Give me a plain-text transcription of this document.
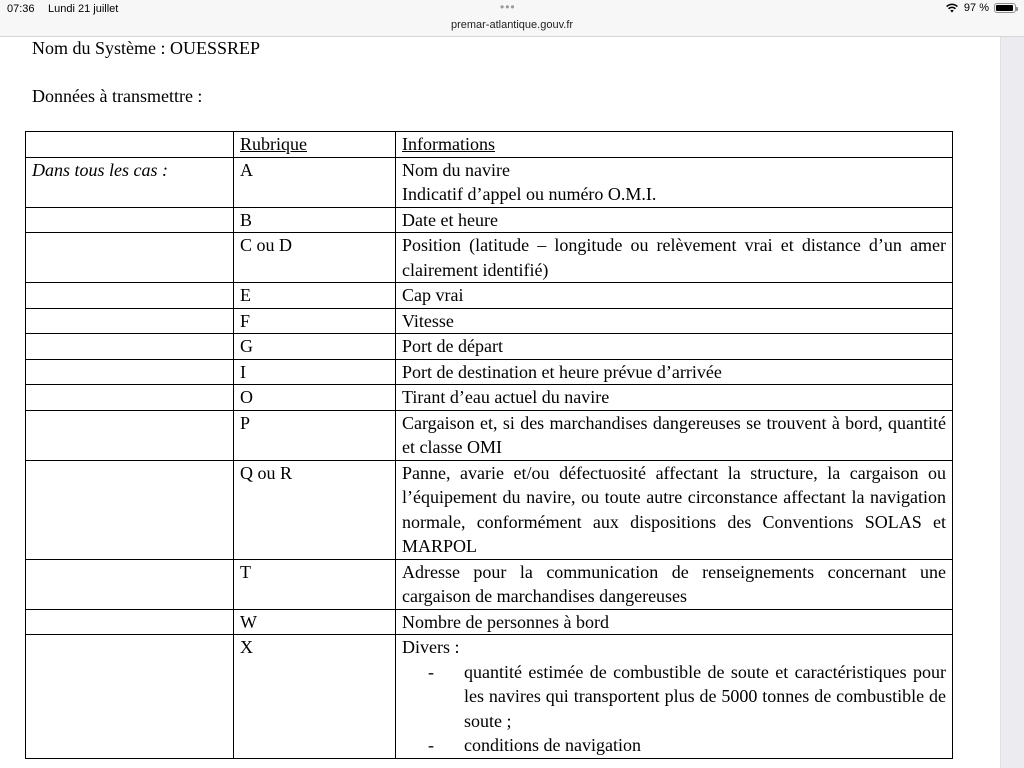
07:36 Lundi 21 juillet	•••	97 %
premar-atlantique.gouv.fr
Nom du Système : OUESSREP
Données à transmettre :
	Rubrique	Informations
Dans tous les cas :	A	Nom du navire
Indicatif d’appel ou numéro O.M.I.

	B	Date et heure

	C ou D	Position (latitude – longitude ou relèvement vrai et distance d’un amer clairement identifié)

	E	Cap vrai

	F	Vitesse

	G	Port de départ

	I	Port de destination et heure prévue d’arrivée

	O	Tirant d’eau actuel du navire

	P	Cargaison et, si des marchandises dangereuses se trouvent à bord, quantité et classe OMI

	Q ou R	Panne, avarie et/ou défectuosité affectant la structure, la cargaison ou l’équipement du navire, ou toute autre circonstance affectant la navigation normale, conformément aux dispositions des Conventions SOLAS et MARPOL

	T	Adresse pour la communication de renseignements concernant une cargaison de marchandises dangereuses

	W	Nombre de personnes à bord

	X	Divers :
- quantité estimée de combustible de soute et caractéristiques pour les navires qui transportent plus de 5000 tonnes de combustible de soute ;
- conditions de navigation
